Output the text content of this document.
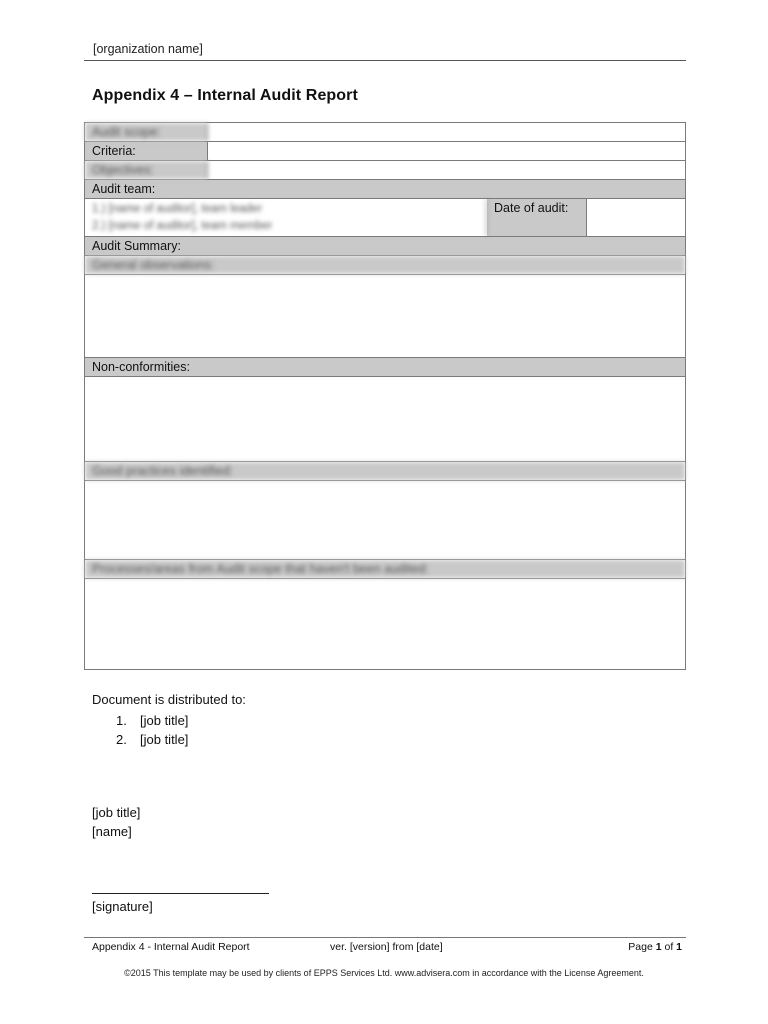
[organization name]
Appendix 4 – Internal Audit Report
Audit scope:
Criteria:
Objectives:
Audit team:
1.) [name of auditor], team leader
2.) [name of auditor], team member
Date of audit:
Audit Summary:
General observations:
Non-conformities:
Good practices identified:
Processes/areas from Audit scope that haven't been audited:
Document is distributed to:
1. [job title]
2. [job title]
[job title]
[name]
[signature]
Appendix 4 - Internal Audit Report	ver. [version] from [date]	Page 1 of 1
©2015 This template may be used by clients of EPPS Services Ltd. www.advisera.com in accordance with the License Agreement.
